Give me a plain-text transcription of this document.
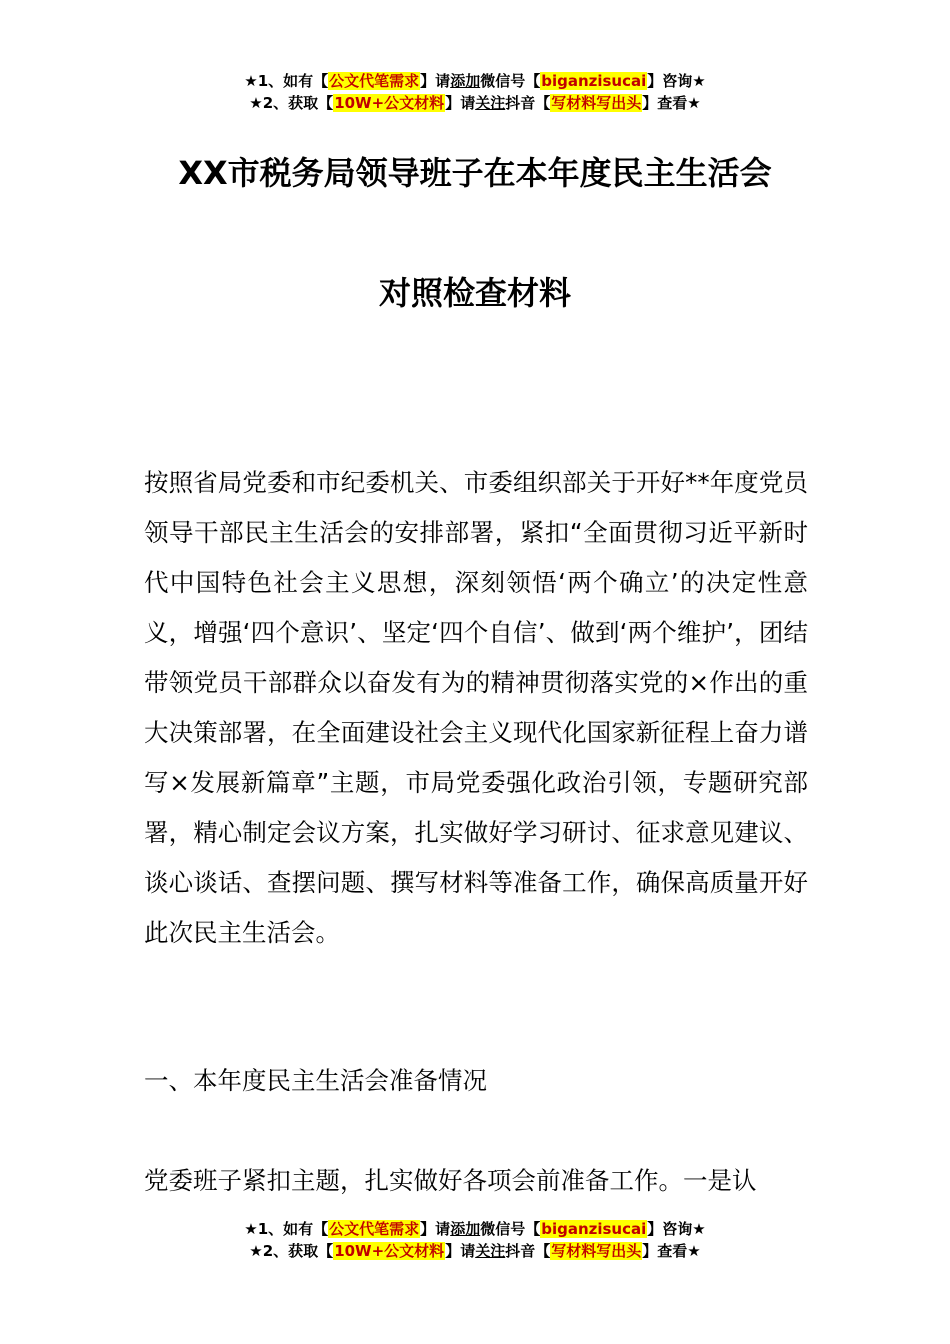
★1、如有【公文代笔需求】请添加微信号【biganzisucai】咨询★
★2、获取【10W+公文材料】请关注抖音【写材料写出头】查看★
XX市税务局领导班子在本年度民主生活会
对照检查材料
按照省局党委和市纪委机关、市委组织部关于开好**年度党员领导干部民主生活会的安排部署，紧扣“全面贯彻习近平新时代中国特色社会主义思想，深刻领悟‘两个确立’的决定性意义，增强‘四个意识’、坚定‘四个自信’、做到‘两个维护’，团结带领党员干部群众以奋发有为的精神贯彻落实党的×作出的重大决策部署，在全面建设社会主义现代化国家新征程上奋力谱写×发展新篇章”主题，市局党委强化政治引领，专题研究部署，精心制定会议方案，扎实做好学习研讨、征求意见建议、谈心谈话、查摆问题、撰写材料等准备工作，确保高质量开好此次民主生活会。
一、本年度民主生活会准备情况
党委班子紧扣主题，扎实做好各项会前准备工作。一是认
★1、如有【公文代笔需求】请添加微信号【biganzisucai】咨询★
★2、获取【10W+公文材料】请关注抖音【写材料写出头】查看★
